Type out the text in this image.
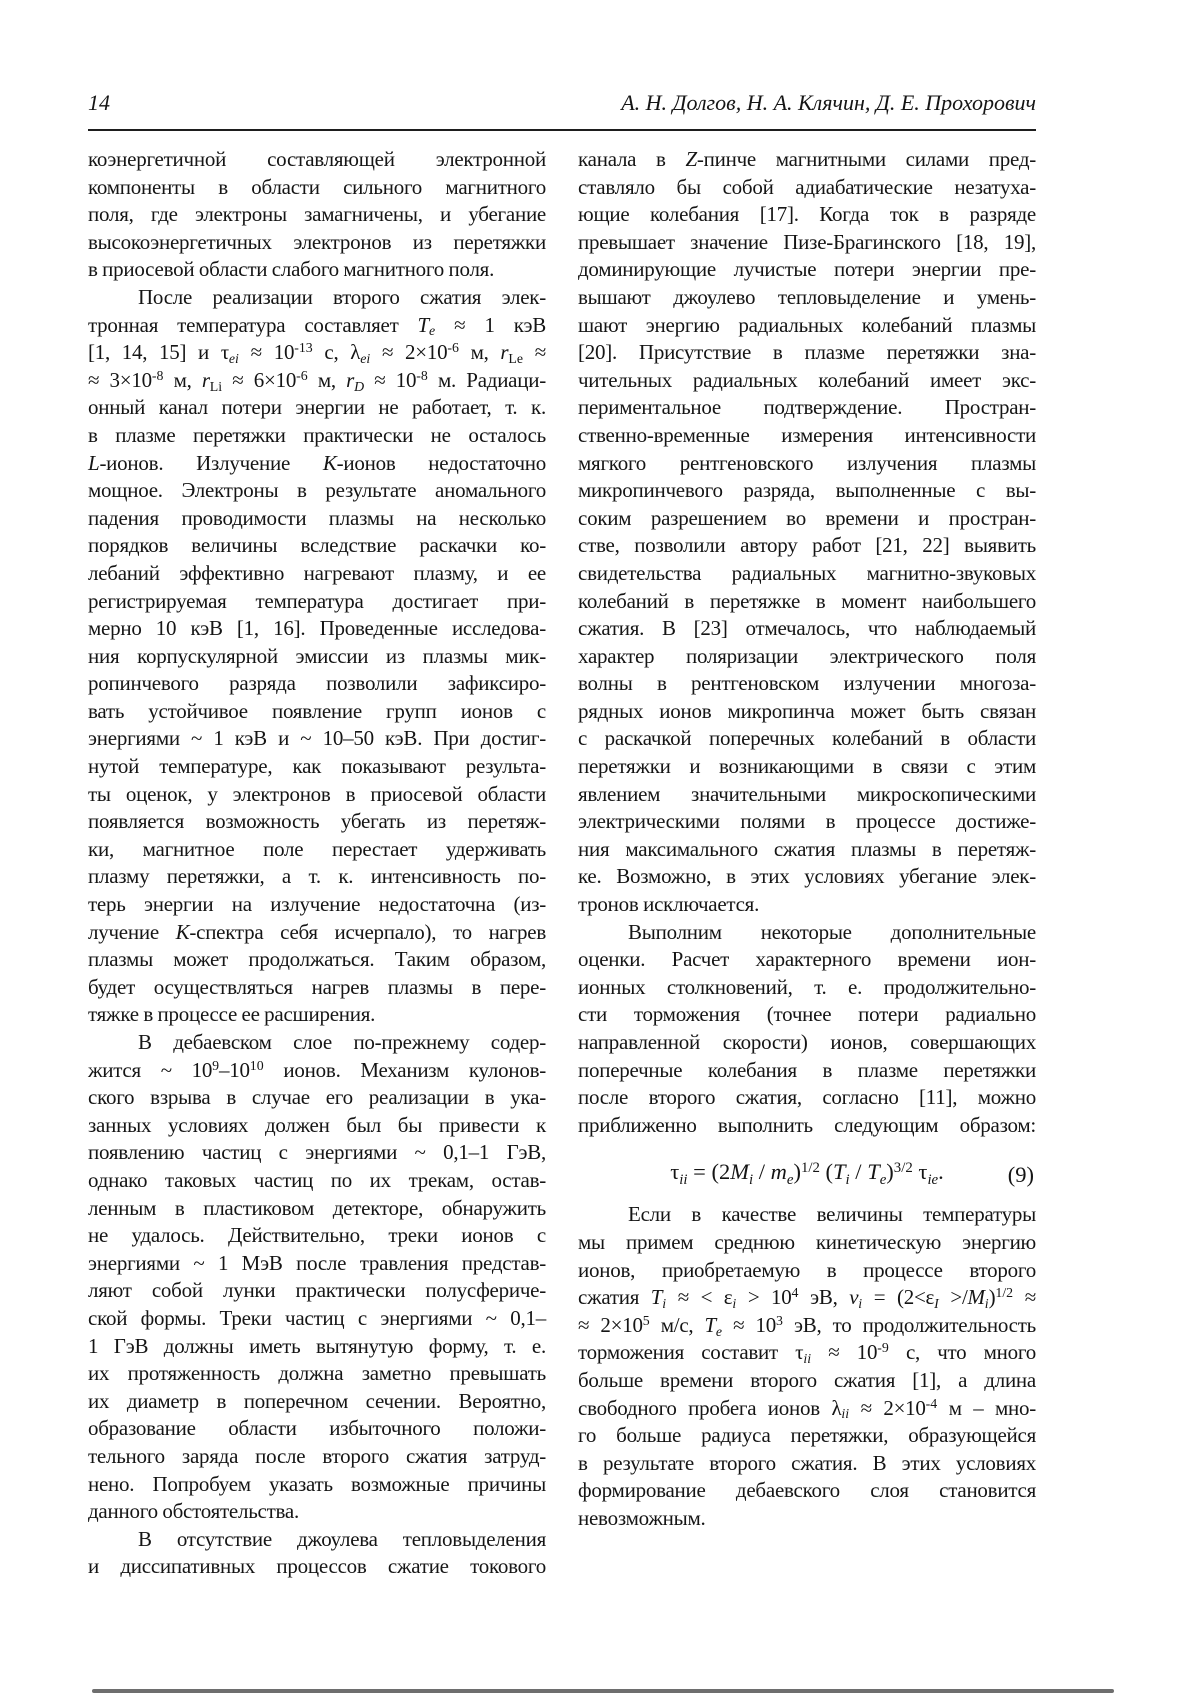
14	А. Н. Долгов, Н. А. Клячин, Д. Е. Прохорович
коэнергетичной составляющей электронной
компоненты в области сильного магнитного
поля, где электроны замагничены, и убегание
высокоэнергетичных электронов из перетяжки
в приосевой области слабого магнитного поля.
После реализации второго сжатия элек-
тронная температура составляет $T_e \approx 1$ кэВ
[1, 14, 15] и $\tau_{ei} \approx 10^{-13}$ с, $\lambda_{ei} \approx 2\times 10^{-6}$ м, $r_{Le}$ ≈
≈ $3\times 10^{-8}$ м, $r_{Li} \approx 6\times 10^{-6}$ м, $r_D \approx 10^{-8}$ м. Радиаци-
онный канал потери энергии не работает, т. к.
в плазме перетяжки практически не осталось
L-ионов. Излучение K-ионов недостаточно
мощное. Электроны в результате аномального
падения проводимости плазмы на несколько
порядков величины вследствие раскачки ко-
лебаний эффективно нагревают плазму, и ее
регистрируемая температура достигает при-
мерно 10 кэВ [1, 16]. Проведенные исследова-
ния корпускулярной эмиссии из плазмы мик-
ропинчевого разряда позволили зафиксиро-
вать устойчивое появление групп ионов с
энергиями ~ 1 кэВ и ~ 10–50 кэВ. При достиг-
нутой температуре, как показывают результа-
ты оценок, у электронов в приосевой области
появляется возможность убегать из перетяж-
ки, магнитное поле перестает удерживать
плазму перетяжки, а т. к. интенсивность по-
терь энергии на излучение недостаточна (из-
лучение K-спектра себя исчерпало), то нагрев
плазмы может продолжаться. Таким образом,
будет осуществляться нагрев плазмы в пере-
тяжке в процессе ее расширения.
В дебаевском слое по-прежнему содер-
жится ~ $10^9-10^{10}$ ионов. Механизм кулонов-
ского взрыва в случае его реализации в ука-
занных условиях должен был бы привести к
появлению частиц с энергиями ~ 0,1–1 ГэВ,
однако таковых частиц по их трекам, остав-
ленным в пластиковом детекторе, обнаружить
не удалось. Действительно, треки ионов с
энергиями ~ 1 МэВ после травления представ-
ляют собой лунки практически полусфериче-
ской формы. Треки частиц с энергиями ~ 0,1–
1 ГэВ должны иметь вытянутую форму, т. е.
их протяженность должна заметно превышать
их диаметр в поперечном сечении. Вероятно,
образование области избыточного положи-
тельного заряда после второго сжатия затруд-
нено. Попробуем указать возможные причины
данного обстоятельства.
В отсутствие джоулева тепловыделения
и диссипативных процессов сжатие токового
канала в Z-пинче магнитными силами пред-
ставляло бы собой адиабатические незатуха-
ющие колебания [17]. Когда ток в разряде
превышает значение Пизе-Брагинского [18, 19],
доминирующие лучистые потери энергии пре-
вышают джоулево тепловыделение и умень-
шают энергию радиальных колебаний плазмы
[20]. Присутствие в плазме перетяжки зна-
чительных радиальных колебаний имеет экс-
периментальное подтверждение. Простран-
ственно-временные измерения интенсивности
мягкого рентгеновского излучения плазмы
микропинчевого разряда, выполненные с вы-
соким разрешением во времени и простран-
стве, позволили автору работ [21, 22] выявить
свидетельства радиальных магнитно-звуковых
колебаний в перетяжке в момент наибольшего
сжатия. В [23] отмечалось, что наблюдаемый
характер поляризации электрического поля
волны в рентгеновском излучении многоза-
рядных ионов микропинча может быть связан
с раскачкой поперечных колебаний в области
перетяжки и возникающими в связи с этим
явлением значительными микроскопическими
электрическими полями в процессе достиже-
ния максимального сжатия плазмы в перетяж-
ке. Возможно, в этих условиях убегание элек-
тронов исключается.
Выполним некоторые дополнительные
оценки. Расчет характерного времени ион-
ионных столкновений, т. е. продолжительно-
сти торможения (точнее потери радиально
направленной скорости) ионов, совершающих
поперечные колебания в плазме перетяжки
после второго сжатия, согласно [11], можно
приближенно выполнить следующим образом:
$\tau_{ii} = (2M_i / m_e)^{1/2}$ $(T_i / T_e)^{3/2}$ $\tau_{ie}$.	(9)
Если в качестве величины температуры
мы примем среднюю кинетическую энергию
ионов, приобретаемую в процессе второго
сжатия $T_i$ ≈ < $\varepsilon_i > 10^4$ эВ, $v_i = (2<\varepsilon_I >/M_i)^{1/2}$ ≈
≈ $2\times 10^5$ м/с, $T_e \approx 10^3$ эВ, то продолжительность
торможения составит $\tau_{ii} \approx 10^{-9}$ с, что много
больше времени второго сжатия [1], а длина
свободного пробега ионов $\lambda_{ii} \approx 2\times 10^{-4}$ м – мно-
го больше радиуса перетяжки, образующейся
в результате второго сжатия. В этих условиях
формирование дебаевского слоя становится
невозможным.
